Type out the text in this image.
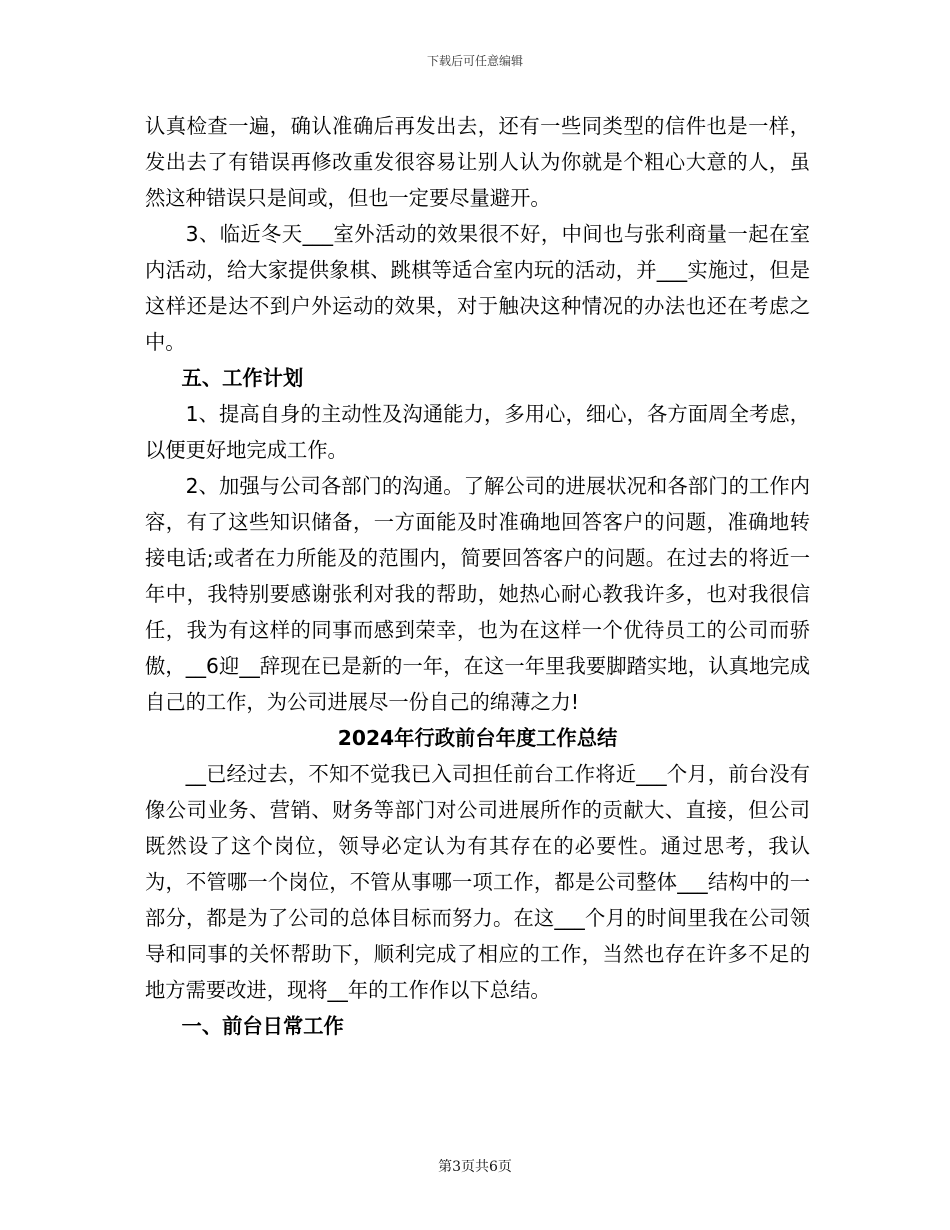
下载后可任意编辑

认真检查一遍，确认准确后再发出去，还有一些同类型的信件也是一样，发出去了有错误再修改重发很容易让别人认为你就是个粗心大意的人，虽然这种错误只是间或，但也一定要尽量避开。

3、临近冬天___室外活动的效果很不好，中间也与张利商量一起在室内活动，给大家提供象棋、跳棋等适合室内玩的活动，并___实施过，但是这样还是达不到户外运动的效果，对于触决这种情况的办法也还在考虑之中。

五、工作计划

1、提高自身的主动性及沟通能力，多用心，细心，各方面周全考虑，以便更好地完成工作。

2、加强与公司各部门的沟通。了解公司的进展状况和各部门的工作内容，有了这些知识储备，一方面能及时准确地回答客户的问题，准确地转接电话;或者在力所能及的范围内，简要回答客户的问题。在过去的将近一年中，我特别要感谢张利对我的帮助，她热心耐心教我许多，也对我很信任，我为有这样的同事而感到荣幸，也为在这样一个优待员工的公司而骄傲，__6迎__辞现在已是新的一年，在这一年里我要脚踏实地，认真地完成自己的工作，为公司进展尽一份自己的绵薄之力!

2024年行政前台年度工作总结

__已经过去，不知不觉我已入司担任前台工作将近___个月，前台没有像公司业务、营销、财务等部门对公司进展所作的贡献大、直接，但公司既然设了这个岗位，领导必定认为有其存在的必要性。通过思考，我认为，不管哪一个岗位，不管从事哪一项工作，都是公司整体___结构中的一部分，都是为了公司的总体目标而努力。在这___个月的时间里我在公司领导和同事的关怀帮助下，顺利完成了相应的工作，当然也存在许多不足的地方需要改进，现将__年的工作作以下总结。

一、前台日常工作

第3页共6页
